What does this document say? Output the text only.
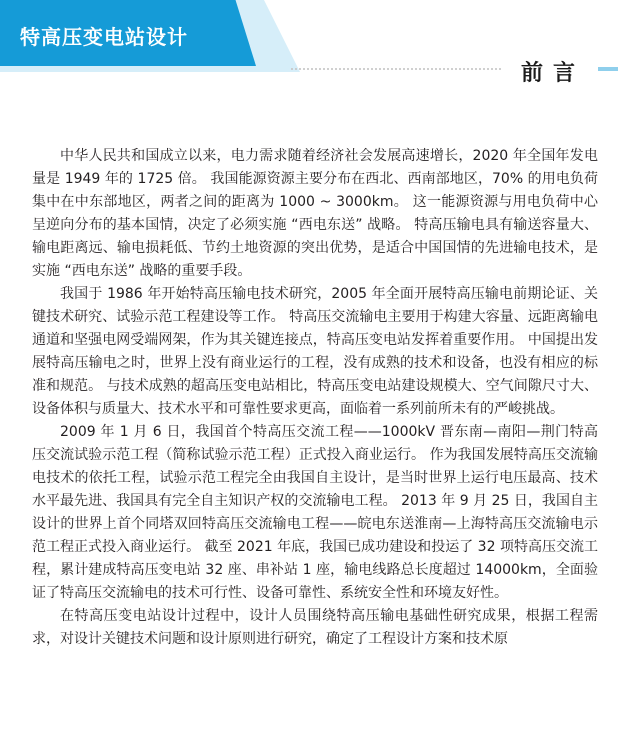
特高压变电站设计
前言

中华人民共和国成立以来，电力需求随着经济社会发展高速增长，2020 年全国年发电量是 1949 年的 1725 倍。 我国能源资源主要分布在西北、西南部地区，70% 的用电负荷集中在中东部地区，两者之间的距离为 1000 ~ 3000km。 这一能源资源与用电负荷中心呈逆向分布的基本国情，决定了必须实施 “西电东送” 战略。 特高压输电具有输送容量大、输电距离远、输电损耗低、节约土地资源的突出优势，是适合中国国情的先进输电技术，是实施 “西电东送” 战略的重要手段。

我国于 1986 年开始特高压输电技术研究，2005 年全面开展特高压输电前期论证、关键技术研究、试验示范工程建设等工作。 特高压交流输电主要用于构建大容量、远距离输电通道和坚强电网受端网架，作为其关键连接点，特高压变电站发挥着重要作用。 中国提出发展特高压输电之时，世界上没有商业运行的工程，没有成熟的技术和设备，也没有相应的标准和规范。 与技术成熟的超高压变电站相比，特高压变电站建设规模大、空气间隙尺寸大、设备体积与质量大、技术水平和可靠性要求更高，面临着一系列前所未有的严峻挑战。

2009 年 1 月 6 日，我国首个特高压交流工程——1000kV 晋东南—南阳—荆门特高压交流试验示范工程（简称试验示范工程）正式投入商业运行。 作为我国发展特高压交流输电技术的依托工程，试验示范工程完全由我国自主设计，是当时世界上运行电压最高、技术水平最先进、我国具有完全自主知识产权的交流输电工程。 2013 年 9 月 25 日，我国自主设计的世界上首个同塔双回特高压交流输电工程——皖电东送淮南—上海特高压交流输电示范工程正式投入商业运行。 截至 2021 年底，我国已成功建设和投运了 32 项特高压交流工程，累计建成特高压变电站 32 座、串补站 1 座，输电线路总长度超过 14000km，全面验证了特高压交流输电的技术可行性、设备可靠性、系统安全性和环境友好性。

在特高压变电站设计过程中，设计人员围绕特高压输电基础性研究成果，根据工程需求，对设计关键技术问题和设计原则进行研究，确定了工程设计方案和技术原
